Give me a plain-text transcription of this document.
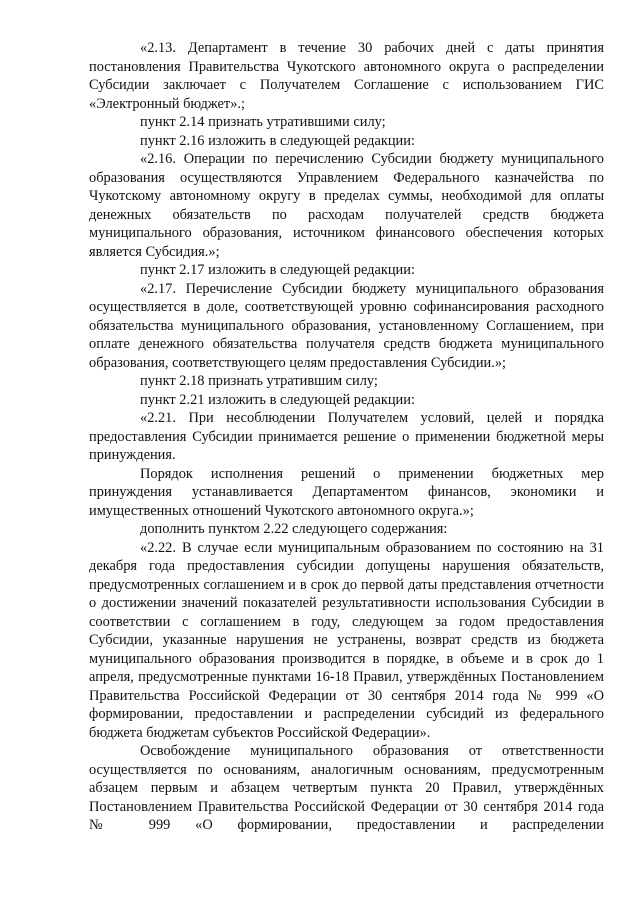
«2.13. Департамент в течение 30 рабочих дней с даты принятия постановления Правительства Чукотского автономного округа о распределении Субсидии заключает с Получателем Соглашение с использованием ГИС «Электронный бюджет».;

пункт 2.14 признать утратившими силу;

пункт 2.16 изложить в следующей редакции:

«2.16. Операции по перечислению Субсидии бюджету муниципального образования осуществляются Управлением Федерального казначейства по Чукотскому автономному округу в пределах суммы, необходимой для оплаты денежных обязательств по расходам получателей средств бюджета муниципального образования, источником финансового обеспечения которых является Субсидия.»;

пункт 2.17 изложить в следующей редакции:

«2.17. Перечисление Субсидии бюджету муниципального образования осуществляется в доле, соответствующей уровню софинансирования расходного обязательства муниципального образования, установленному Соглашением, при оплате денежного обязательства получателя средств бюджета муниципального образования, соответствующего целям предоставления Субсидии.»;

пункт 2.18 признать утратившим силу;

пункт 2.21 изложить в следующей редакции:

«2.21. При несоблюдении Получателем условий, целей и порядка предоставления Субсидии принимается решение о применении бюджетной меры принуждения.

Порядок исполнения решений о применении бюджетных мер принуждения устанавливается Департаментом финансов, экономики и имущественных отношений Чукотского автономного округа.»;

дополнить пунктом 2.22 следующего содержания:

«2.22. В случае если муниципальным образованием по состоянию на 31 декабря года предоставления субсидии допущены нарушения обязательств, предусмотренных соглашением и в срок до первой даты представления отчетности о достижении значений показателей результативности использования Субсидии в соответствии с соглашением в году, следующем за годом предоставления Субсидии, указанные нарушения не устранены, возврат средств из бюджета муниципального образования производится в порядке, в объеме и в срок до 1 апреля, предусмотренные пунктами 16-18 Правил, утверждённых Постановлением Правительства Российской Федерации от 30 сентября 2014 года № 999 «О формировании, предоставлении и распределении субсидий из федерального бюджета бюджетам субъектов Российской Федерации».

Освобождение муниципального образования от ответственности осуществляется по основаниям, аналогичным основаниям, предусмотренным абзацем первым и абзацем четвертым пункта 20 Правил, утверждённых Постановлением Правительства Российской Федерации от 30 сентября 2014 года № 999 «О формировании, предоставлении и распределении
